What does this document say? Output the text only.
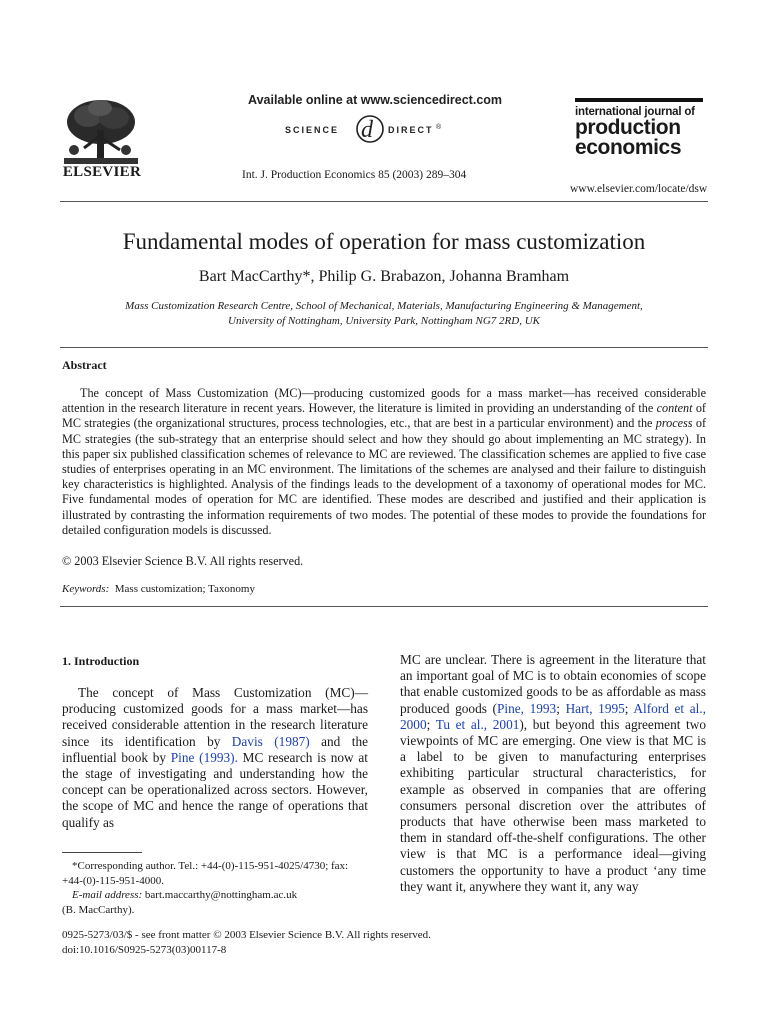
ELSEVIER
Available online at www.sciencedirect.com
SCIENCE d DIRECT ®
Int. J. Production Economics 85 (2003) 289–304
international journal of
production
economics
www.elsevier.com/locate/dsw
Fundamental modes of operation for mass customization
Bart MacCarthy*, Philip G. Brabazon, Johanna Bramham
Mass Customization Research Centre, School of Mechanical, Materials, Manufacturing Engineering & Management,
University of Nottingham, University Park, Nottingham NG7 2RD, UK
Abstract

The concept of Mass Customization (MC)—producing customized goods for a mass market—has received considerable attention in the research literature in recent years. However, the literature is limited in providing an understanding of the content of MC strategies (the organizational structures, process technologies, etc., that are best in a particular environment) and the process of MC strategies (the sub-strategy that an enterprise should select and how they should go about implementing an MC strategy). In this paper six published classification schemes of relevance to MC are reviewed. The classification schemes are applied to five case studies of enterprises operating in an MC environment. The limitations of the schemes are analysed and their failure to distinguish key characteristics is highlighted. Analysis of the findings leads to the development of a taxonomy of operational modes for MC. Five fundamental modes of operation for MC are identified. These modes are described and justified and their application is illustrated by contrasting the information requirements of two modes. The potential of these modes to provide the foundations for detailed configuration models is discussed.

© 2003 Elsevier Science B.V. All rights reserved.
Keywords: Mass customization; Taxonomy
1. Introduction

The concept of Mass Customization (MC)—producing customized goods for a mass market—has received considerable attention in the research literature since its identification by Davis (1987) and the influential book by Pine (1993). MC research is now at the stage of investigating and understanding how the concept can be operationalized across sectors. However, the scope of MC and hence the range of operations that qualify as

*Corresponding author. Tel.: +44-(0)-115-951-4025/4730; fax: +44-(0)-115-951-4000.
E-mail address: bart.maccarthy@nottingham.ac.uk
(B. MacCarthy).

MC are unclear. There is agreement in the literature that an important goal of MC is to obtain economies of scope that enable customized goods to be as affordable as mass produced goods (Pine, 1993; Hart, 1995; Alford et al., 2000; Tu et al., 2001), but beyond this agreement two viewpoints of MC are emerging. One view is that MC is a label to be given to manufacturing enterprises exhibiting particular structural characteristics, for example as observed in companies that are offering consumers personal discretion over the attributes of products that have otherwise been mass marketed to them in standard off-the-shelf configurations. The other view is that MC is a performance ideal—giving customers the opportunity to have a product ‘any time they want it, anywhere they want it, any way

0925-5273/03/$ - see front matter © 2003 Elsevier Science B.V. All rights reserved.
doi:10.1016/S0925-5273(03)00117-8
